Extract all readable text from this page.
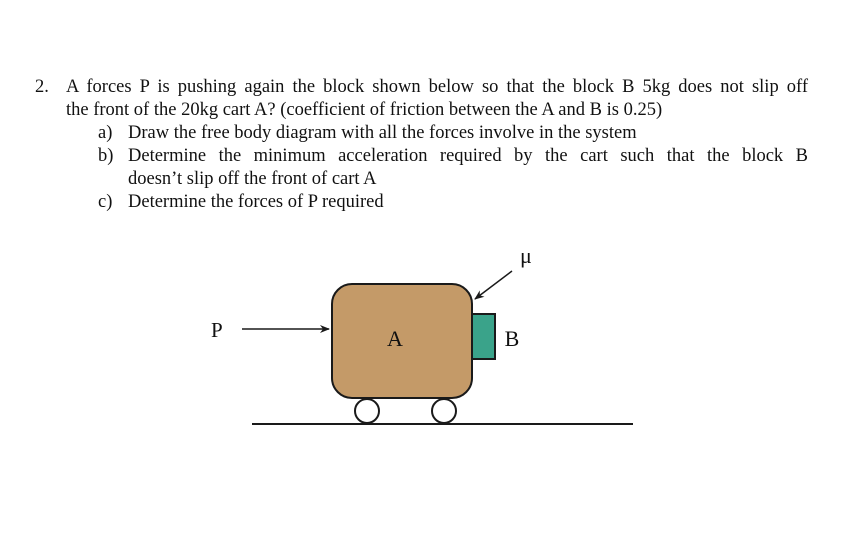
2. A forces P is pushing again the block shown below so that the block B 5kg does not slip off
the front of the 20kg cart A? (coefficient of friction between the A and B is 0.25)
a) Draw the free body diagram with all the forces involve in the system
b) Determine the minimum acceleration required by the cart such that the block B
doesn’t slip off the front of cart A
c) Determine the forces of P required
P	A	B
μ
